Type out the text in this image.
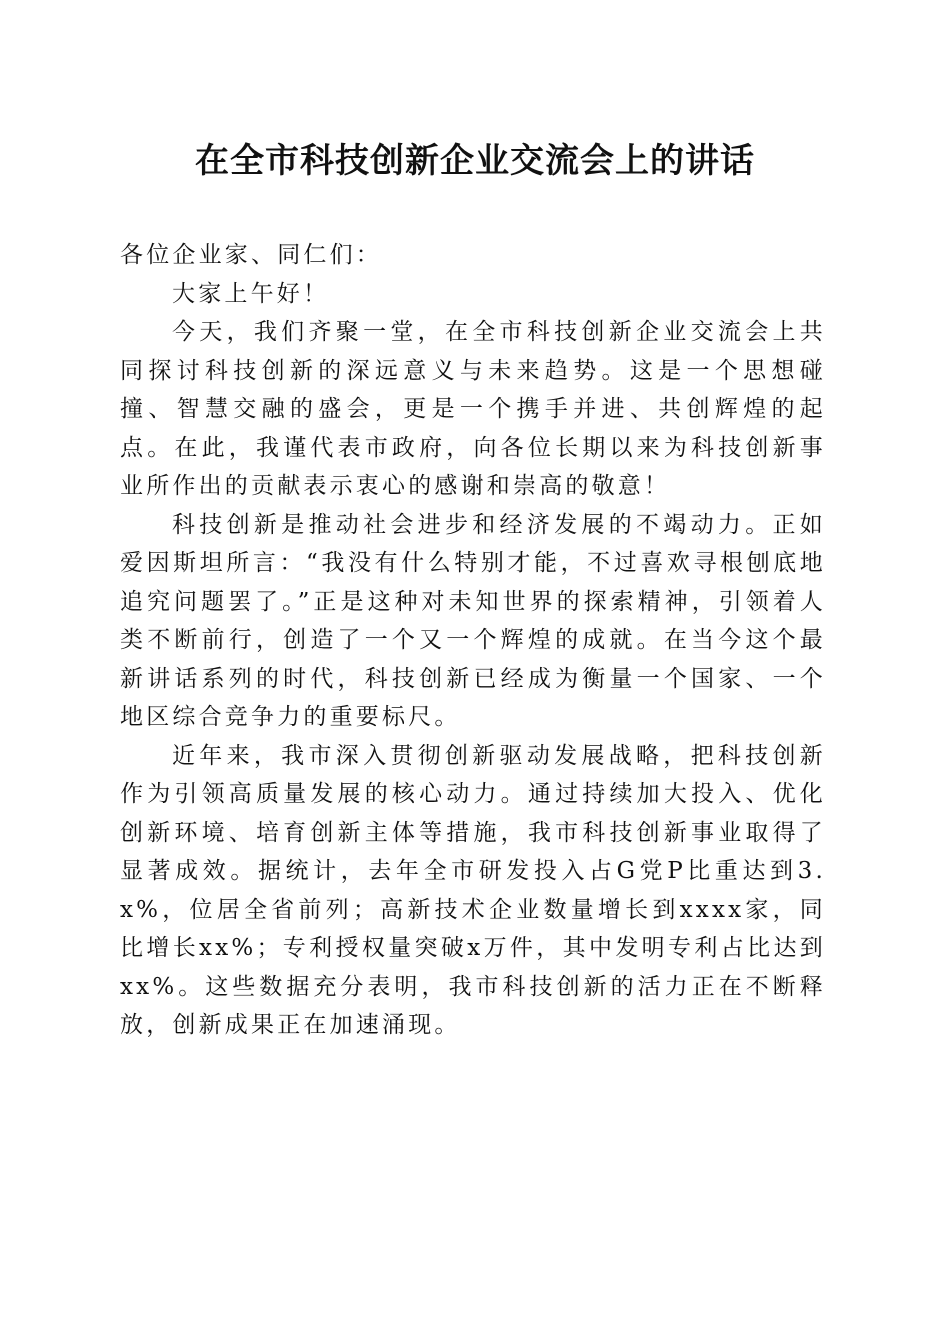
在全市科技创新企业交流会上的讲话

各位企业家、同仁们：

大家上午好！

今天，我们齐聚一堂，在全市科技创新企业交流会上共同探讨科技创新的深远意义与未来趋势。这是一个思想碰撞、智慧交融的盛会，更是一个携手并进、共创辉煌的起点。在此，我谨代表市政府，向各位长期以来为科技创新事业所作出的贡献表示衷心的感谢和崇高的敬意！

科技创新是推动社会进步和经济发展的不竭动力。正如爱因斯坦所言：“我没有什么特别才能，不过喜欢寻根刨底地追究问题罢了。”正是这种对未知世界的探索精神，引领着人类不断前行，创造了一个又一个辉煌的成就。在当今这个最新讲话系列的时代，科技创新已经成为衡量一个国家、一个地区综合竞争力的重要标尺。

近年来，我市深入贯彻创新驱动发展战略，把科技创新作为引领高质量发展的核心动力。通过持续加大投入、优化创新环境、培育创新主体等措施，我市科技创新事业取得了显著成效。据统计，去年全市研发投入占G党P比重达到3.x%，位居全省前列；高新技术企业数量增长到xxxx家，同比增长xx%；专利授权量突破x万件，其中发明专利占比达到xx%。这些数据充分表明，我市科技创新的活力正在不断释放，创新成果正在加速涌现。
